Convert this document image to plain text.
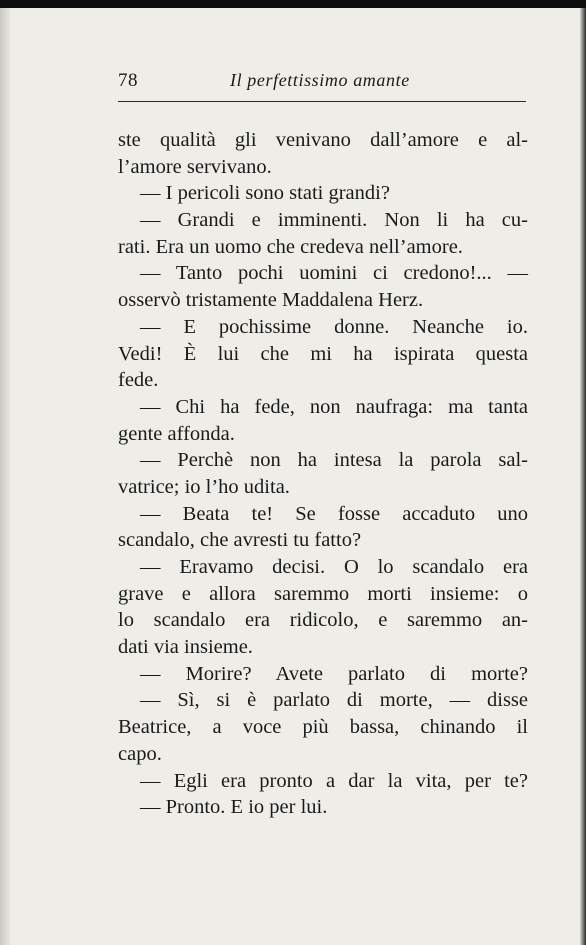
78	Il perfettissimo amante
ste qualità gli venivano dall’amore e al-
l’amore servivano.
— I pericoli sono stati grandi?
— Grandi e imminenti. Non li ha cu-
rati. Era un uomo che credeva nell’amore.
— Tanto pochi uomini ci credono!... —
osservò tristamente Maddalena Herz.
— E pochissime donne. Neanche io.
Vedi! È lui che mi ha ispirata questa
fede.
— Chi ha fede, non naufraga: ma tanta
gente affonda.
— Perchè non ha intesa la parola sal-
vatrice; io l’ho udita.
— Beata te! Se fosse accaduto uno
scandalo, che avresti tu fatto?
— Eravamo decisi. O lo scandalo era
grave e allora saremmo morti insieme: o
lo scandalo era ridicolo, e saremmo an-
dati via insieme.
— Morire? Avete parlato di morte?
— Sì, si è parlato di morte, — disse
Beatrice, a voce più bassa, chinando il
capo.
— Egli era pronto a dar la vita, per te?
— Pronto. E io per lui.
